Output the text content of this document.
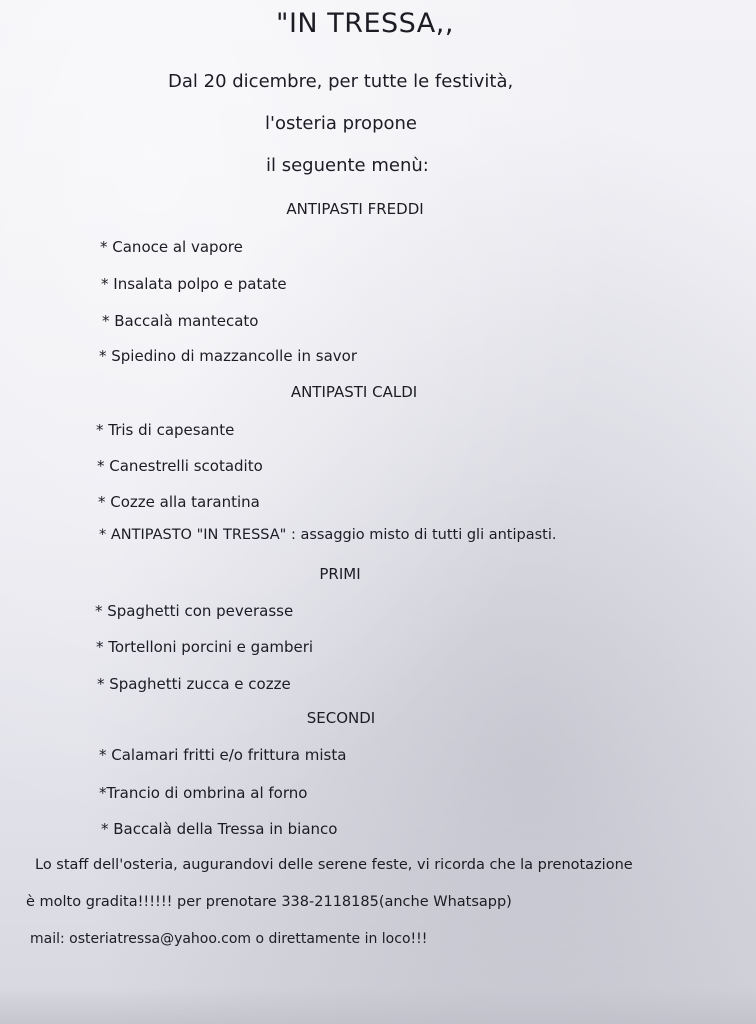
"IN TRESSA,,
Dal 20 dicembre, per tutte le festività,
l'osteria propone
il seguente menù:
ANTIPASTI FREDDI
* Canoce al vapore
* Insalata polpo e patate
* Baccalà mantecato
* Spiedino di mazzancolle in savor
ANTIPASTI CALDI
* Tris di capesante
* Canestrelli scotadito
* Cozze alla tarantina
* ANTIPASTO "IN TRESSA" : assaggio misto di tutti gli antipasti.
PRIMI
* Spaghetti con peverasse
* Tortelloni porcini e gamberi
* Spaghetti zucca e cozze
SECONDI
* Calamari fritti e/o frittura mista
*Trancio di ombrina al forno
* Baccalà della Tressa in bianco
Lo staff dell'osteria, augurandovi delle serene feste, vi ricorda che la prenotazione
è molto gradita!!!!!! per prenotare 338-2118185(anche Whatsapp)
mail: osteriatressa@yahoo.com o direttamente in loco!!!
